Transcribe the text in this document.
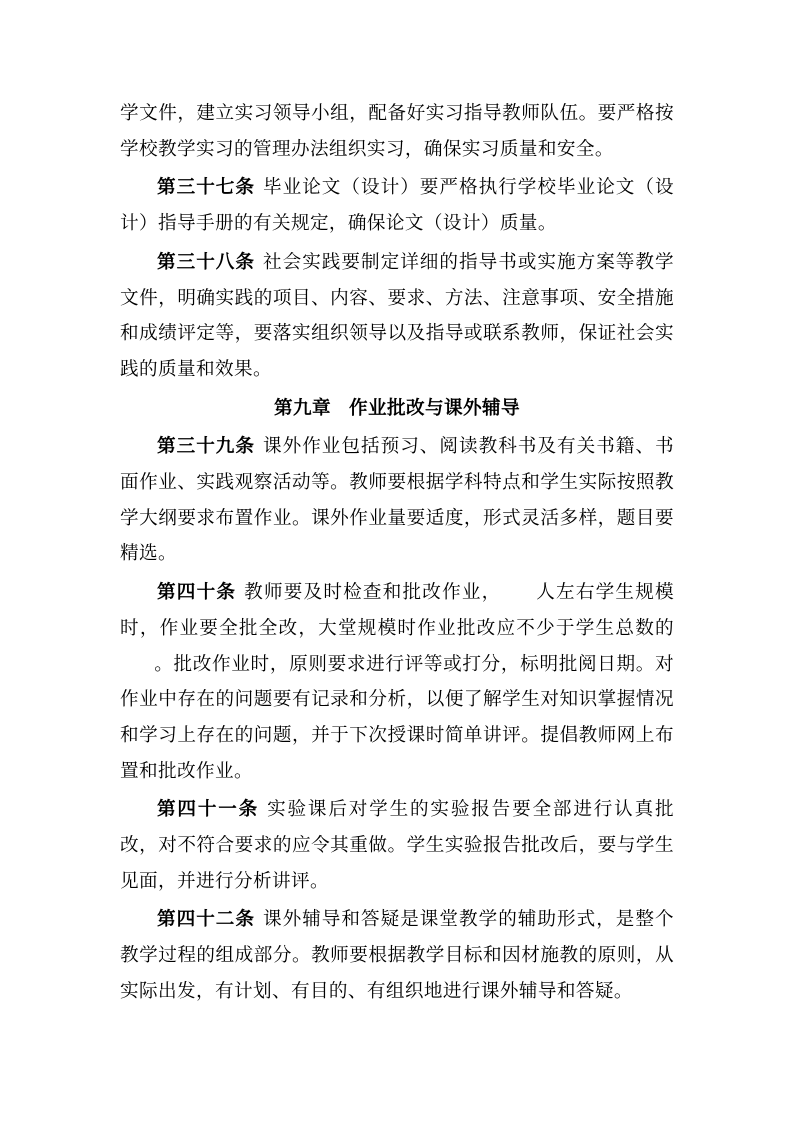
学文件，建立实习领导小组，配备好实习指导教师队伍。要严格按学校教学实习的管理办法组织实习，确保实习质量和安全。

第三十七条 毕业论文（设计）要严格执行学校毕业论文（设计）指导手册的有关规定，确保论文（设计）质量。

第三十八条 社会实践要制定详细的指导书或实施方案等教学文件，明确实践的项目、内容、要求、方法、注意事项、安全措施和成绩评定等，要落实组织领导以及指导或联系教师，保证社会实践的质量和效果。

第九章 作业批改与课外辅导

第三十九条 课外作业包括预习、阅读教科书及有关书籍、书面作业、实践观察活动等。教师要根据学科特点和学生实际按照教学大纲要求布置作业。课外作业量要适度，形式灵活多样，题目要精选。

第四十条 教师要及时检查和批改作业， 人左右学生规模时，作业要全批全改，大堂规模时作业批改应不少于学生总数的。批改作业时，原则要求进行评等或打分，标明批阅日期。对作业中存在的问题要有记录和分析，以便了解学生对知识掌握情况和学习上存在的问题，并于下次授课时简单讲评。提倡教师网上布置和批改作业。

第四十一条 实验课后对学生的实验报告要全部进行认真批改，对不符合要求的应令其重做。学生实验报告批改后，要与学生见面，并进行分析讲评。

第四十二条 课外辅导和答疑是课堂教学的辅助形式，是整个教学过程的组成部分。教师要根据教学目标和因材施教的原则，从实际出发，有计划、有目的、有组织地进行课外辅导和答疑。
